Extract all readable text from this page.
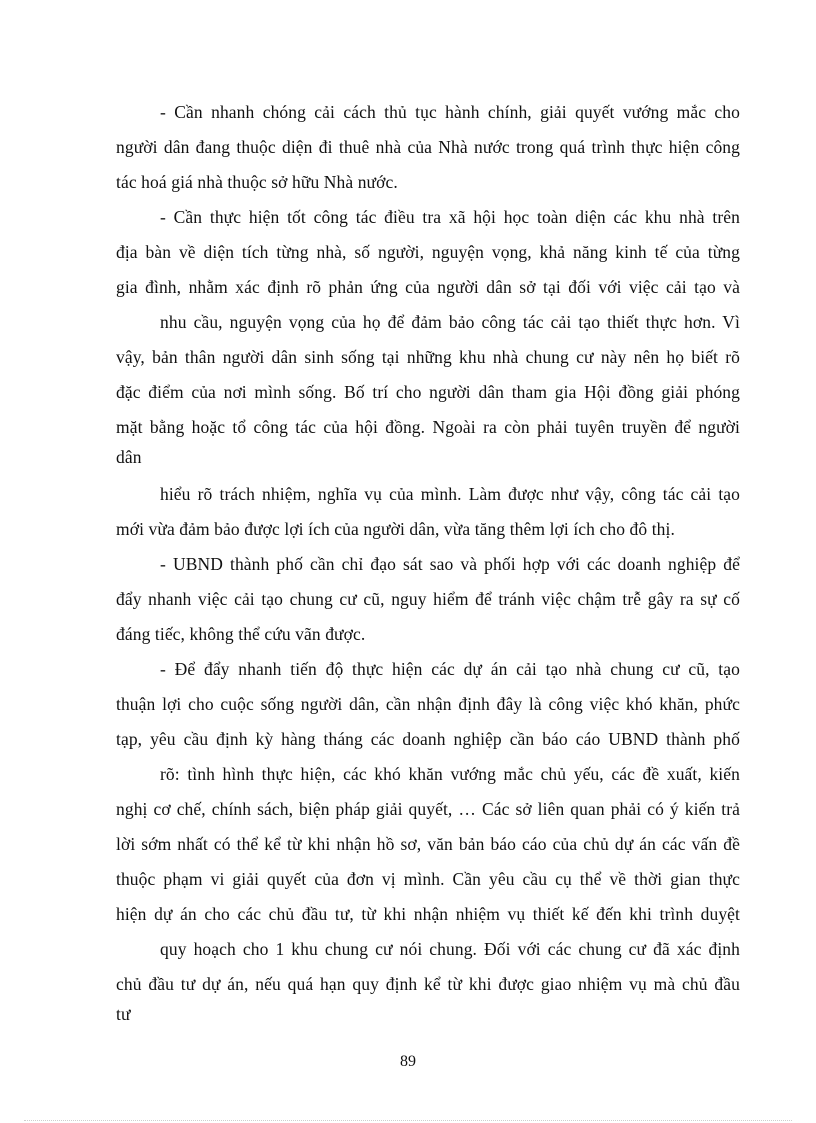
- Cần nhanh chóng cải cách thủ tục hành chính, giải quyết vướng mắc cho
người dân đang thuộc diện đi thuê nhà của Nhà nước trong quá trình thực hiện công
tác hoá giá nhà thuộc sở hữu Nhà nước.
- Cần thực hiện tốt công tác điều tra xã hội học toàn diện các khu nhà trên
địa bàn về diện tích từng nhà, số người, nguyện vọng, khả năng kinh tế của từng
gia đình, nhằm xác định rõ phản ứng của người dân sở tại đối với việc cải tạo và
nhu cầu, nguyện vọng của họ để đảm bảo công tác cải tạo thiết thực hơn. Vì
vậy, bản thân người dân sinh sống tại những khu nhà chung cư này nên họ biết rõ
đặc điểm của nơi mình sống. Bố trí cho người dân tham gia Hội đồng giải phóng
mặt bằng hoặc tổ công tác của hội đồng. Ngoài ra còn phải tuyên truyền để người
dân
hiểu rõ trách nhiệm, nghĩa vụ của mình. Làm được như vậy, công tác cải tạo
mới vừa đảm bảo được lợi ích của người dân, vừa tăng thêm lợi ích cho đô thị.
- UBND thành phố cần chỉ đạo sát sao và phối hợp với các doanh nghiệp để
đẩy nhanh việc cải tạo chung cư cũ, nguy hiểm để tránh việc chậm trễ gây ra sự cố
đáng tiếc, không thể cứu vãn được.
- Để đẩy nhanh tiến độ thực hiện các dự án cải tạo nhà chung cư cũ, tạo
thuận lợi cho cuộc sống người dân, cần nhận định đây là công việc khó khăn, phức
tạp, yêu cầu định kỳ hàng tháng các doanh nghiệp cần báo cáo UBND thành phố
rõ: tình hình thực hiện, các khó khăn vướng mắc chủ yếu, các đề xuất, kiến
nghị cơ chế, chính sách, biện pháp giải quyết, … Các sở liên quan phải có ý kiến trả
lời sớm nhất có thể kể từ khi nhận hồ sơ, văn bản báo cáo của chủ dự án các vấn đề
thuộc phạm vi giải quyết của đơn vị mình. Cần yêu cầu cụ thể về thời gian thực
hiện dự án cho các chủ đầu tư, từ khi nhận nhiệm vụ thiết kế đến khi trình duyệt
quy hoạch cho 1 khu chung cư nói chung. Đối với các chung cư đã xác định
chủ đầu tư dự án, nếu quá hạn quy định kể từ khi được giao nhiệm vụ mà chủ đầu
tư
89
